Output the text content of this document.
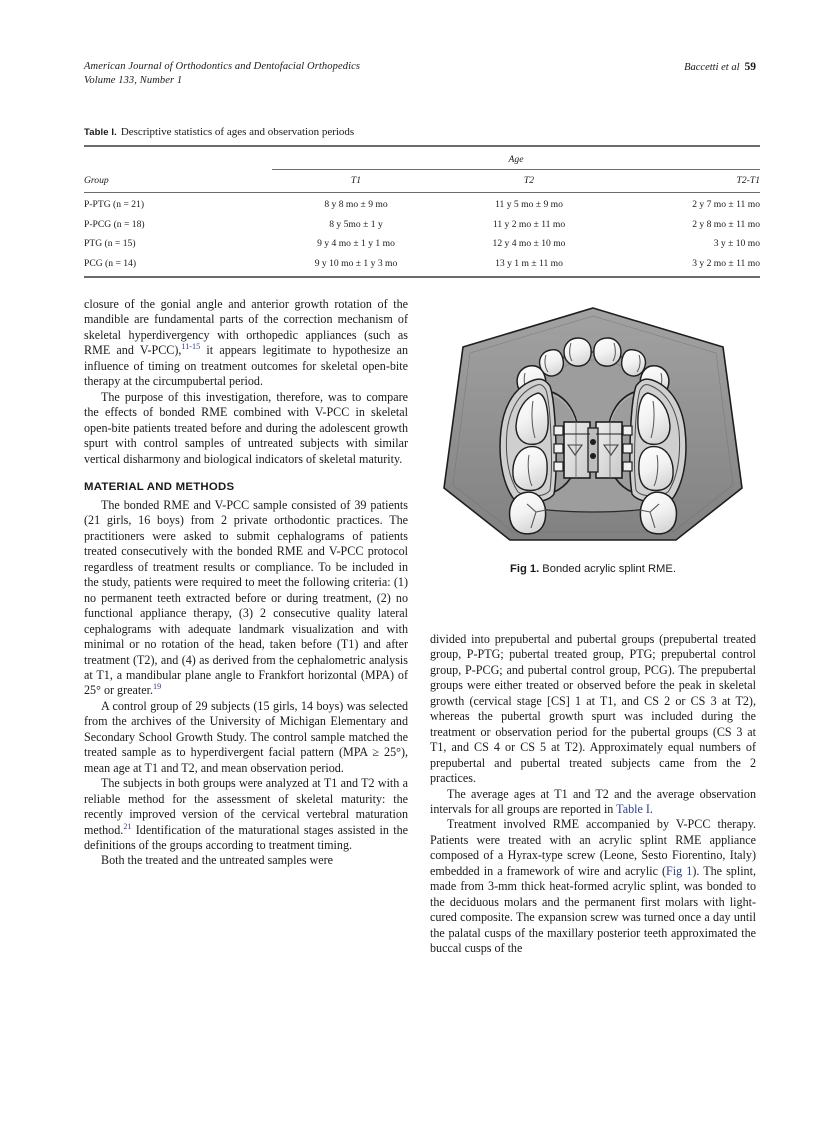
American Journal of Orthodontics and Dentofacial Orthopedics
Volume 133, Number 1
Baccetti et al 59
Table I. Descriptive statistics of ages and observation periods

	Age		

Group	T1	T2	T2-T1

P-PTG (n = 21)	8 y 8 mo ± 9 mo	11 y 5 mo ± 9 mo	2 y 7 mo ± 11 mo
P-PCG (n = 18)	8 y 5mo ± 1 y	11 y 2 mo ± 11 mo	2 y 8 mo ± 11 mo
PTG (n = 15)	9 y 4 mo ± 1 y 1 mo	12 y 4 mo ± 10 mo	3 y ± 10 mo
PCG (n = 14)	9 y 10 mo ± 1 y 3 mo	13 y 1 m ± 11 mo	3 y 2 mo ± 11 mo

closure of the gonial angle and anterior growth rotation of the mandible are fundamental parts of the correction mechanism of skeletal hyperdivergency with orthopedic appliances (such as RME and V-PCC),$^{11-15}$ it appears legitimate to hypothesize an influence of timing on treatment outcomes for skeletal open-bite therapy at the circumpubertal period.

The purpose of this investigation, therefore, was to compare the effects of bonded RME combined with V-PCC in skeletal open-bite patients treated before and during the adolescent growth spurt with control samples of untreated subjects with similar vertical disharmony and biological indicators of skeletal maturity.

MATERIAL AND METHODS

The bonded RME and V-PCC sample consisted of 39 patients (21 girls, 16 boys) from 2 private orthodontic practices. The practitioners were asked to submit cephalograms of patients treated consecutively with the bonded RME and V-PCC protocol regardless of treatment results or compliance. To be included in the study, patients were required to meet the following criteria: (1) no permanent teeth extracted before or during treatment, (2) no functional appliance therapy, (3) 2 consecutive quality lateral cephalograms with adequate landmark visualization and with minimal or no rotation of the head, taken before (T1) and after treatment (T2), and (4) as derived from the cephalometric analysis at T1, a mandibular plane angle to Frankfort horizontal (MPA) of 25° or greater.$^{19}$

A control group of 29 subjects (15 girls, 14 boys) was selected from the archives of the University of Michigan Elementary and Secondary School Growth Study. The control sample matched the treated sample as to hyperdivergent facial pattern (MPA ≥ 25°), mean age at T1 and T2, and mean observation period.

The subjects in both groups were analyzed at T1 and T2 with a reliable method for the assessment of skeletal maturity: the recently improved version of the cervical vertebral maturation method.$^{21}$ Identification of the maturational stages assisted in the definitions of the groups according to treatment timing.

Both the treated and the untreated samples were

Fig 1. Bonded acrylic splint RME.

divided into prepubertal and pubertal groups (prepubertal treated group, P-PTG; pubertal treated group, PTG; prepubertal control group, P-PCG; and pubertal control group, PCG). The prepubertal groups were either treated or observed before the peak in skeletal growth (cervical stage [CS] 1 at T1, and CS 2 or CS 3 at T2), whereas the pubertal growth spurt was included during the treatment or observation period for the pubertal groups (CS 3 at T1, and CS 4 or CS 5 at T2). Approximately equal numbers of prepubertal and pubertal treated subjects came from the 2 practices.

The average ages at T1 and T2 and the average observation intervals for all groups are reported in Table I.

Treatment involved RME accompanied by V-PCC therapy. Patients were treated with an acrylic splint RME appliance composed of a Hyrax-type screw (Leone, Sesto Fiorentino, Italy) embedded in a framework of wire and acrylic (Fig 1). The splint, made from 3-mm thick heat-formed acrylic splint, was bonded to the deciduous molars and the permanent first molars with light-cured composite. The expansion screw was turned once a day until the palatal cusps of the maxillary posterior teeth approximated the buccal cusps of the
